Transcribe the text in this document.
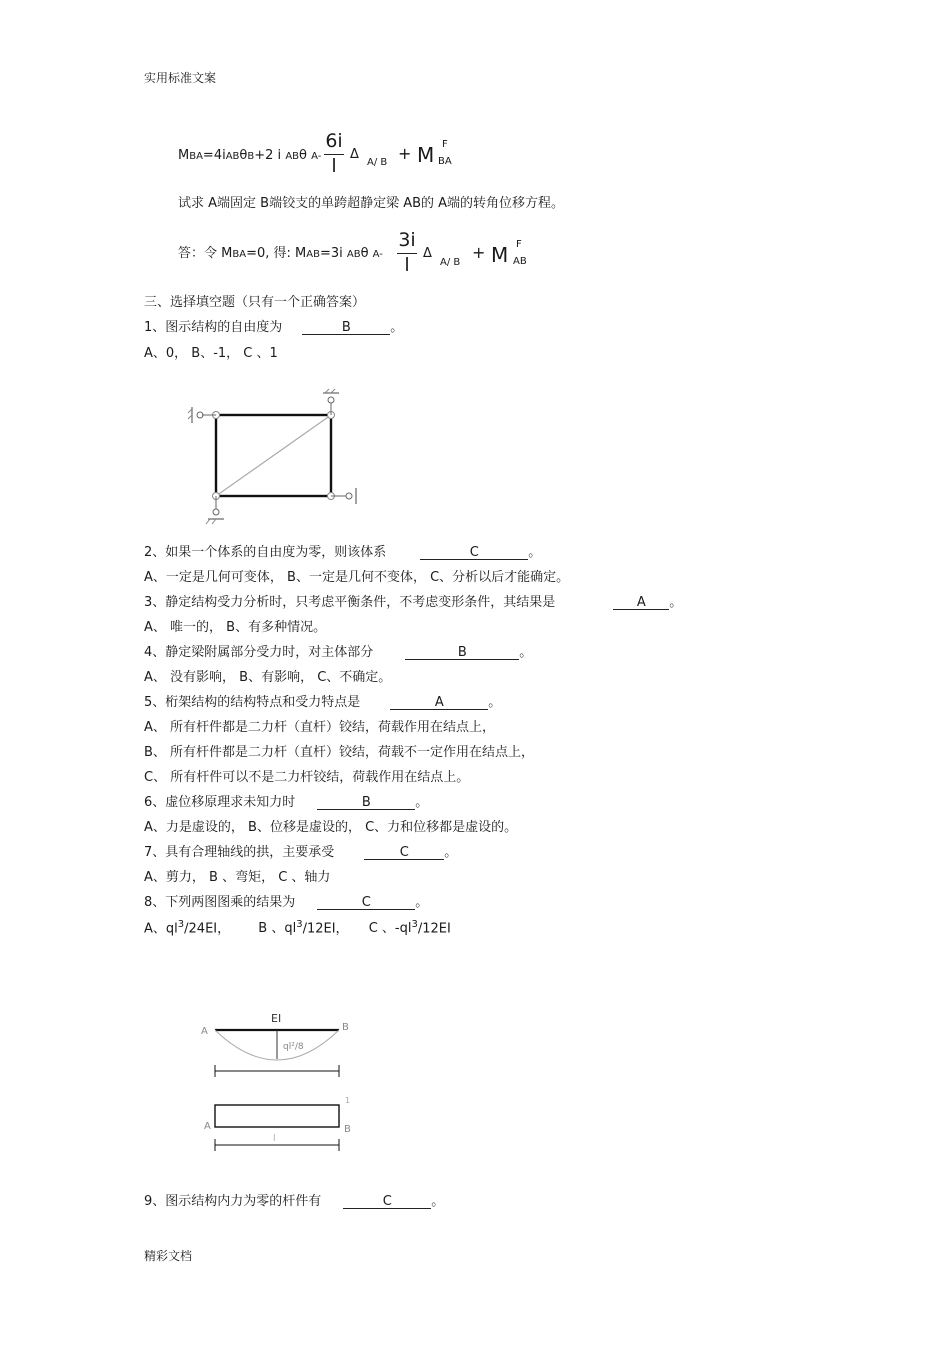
实用标准文案
MBA=4iABθB+2 i ABθ A-
6i
l
Δ
A/ B + M F
BA
试求 A端固定 B端铰支的单跨超静定梁 AB的 A端的转角位移方程。
答：令 MBA=0, 得: MAB=3i ABθ A-
3i
l
Δ
A/ B
+ M F
AB
三、选择填空题（只有一个正确答案）
1、图示结构的自由度为	B	。
A、0， B、-1， C 、1
2、如果一个体系的自由度为零，则该体系	C	。
A、一定是几何可变体， B、一定是几何不变体， C、分析以后才能确定。
3、静定结构受力分析时，只考虑平衡条件，不考虑变形条件，其结果是	A 。
A、 唯一的， B、有多种情况。
4、静定梁附属部分受力时，对主体部分	B	。
A、 没有影响， B、有影响， C、不确定。
5、桁架结构的结构特点和受力特点是	A	。
A、 所有杆件都是二力杆（直杆）铰结，荷载作用在结点上，
B、 所有杆件都是二力杆（直杆）铰结，荷载不一定作用在结点上，
C、 所有杆件可以不是二力杆铰结，荷载作用在结点上。
6、虚位移原理求未知力时	B	。
A、力是虚设的， B、位移是虚设的， C、力和位移都是虚设的。
7、具有合理轴线的拱，主要承受	C	。
A、剪力， B 、弯矩， C 、轴力
8、下列两图图乘的结果为	C	。
A、$ql^3/24EI$， B 、$ql^3/12EI$， C 、$-ql^3/12EI$
EI
A	B
ql²/8
1
A	B
l
9、图示结构内力为零的杆件有	C	。
精彩文档
